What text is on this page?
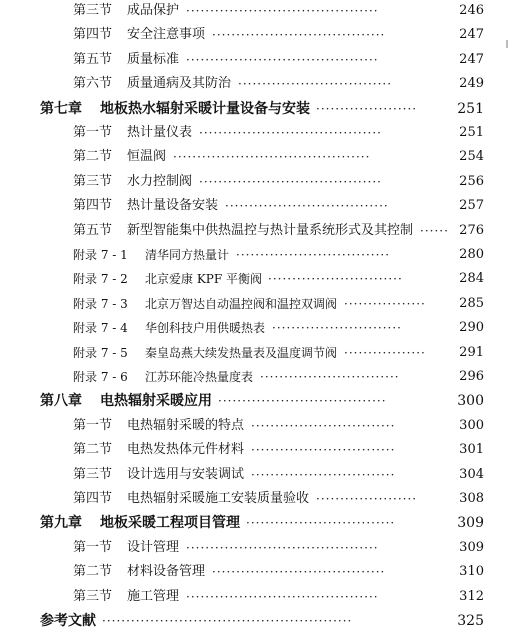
第三节 成品保护 ········································	246
第四节 安全注意事项 ····································	247
第五节 质量标准 ········································	247
第六节 质量通病及其防治 ································	249
第七章 地板热水辐射采暖计量设备与安装 ·····················	251
第一节 热计量仪表 ······································	251
第二节 恒温阀 ·········································	254
第三节 水力控制阀 ······································	256
第四节 热计量设备安装 ··································	257
第五节 新型智能集中供热温控与热计量系统形式及其控制 ······ 276
附录 7 - 1 清华同方热量计 ································	280
附录 7 - 2 北京爱康 KPF 平衡阀 ····························	284
附录 7 - 3 北京万智达自动温控阀和温控双调阀 ·················	285
附录 7 - 4 华创科技户用供暖热表 ···························	290
附录 7 - 5 秦皇岛燕大续发热量表及温度调节阀 ·················	291
附录 7 - 6 江苏环能冷热量度表 ·····························	296
第八章 电热辐射采暖应用 ···································	300
第一节 电热辐射采暖的特点 ······························	300
第二节 电热发热体元件材料 ······························	301
第三节 设计选用与安装调试 ······························	304
第四节 电热辐射采暖施工安装质量验收 ·····················	308
第九章 地板采暖工程项目管理 ·······························	309
第一节 设计管理 ········································	309
第二节 材料设备管理 ····································	310
第三节 施工管理 ········································	312
参考文献 ····················································	325
